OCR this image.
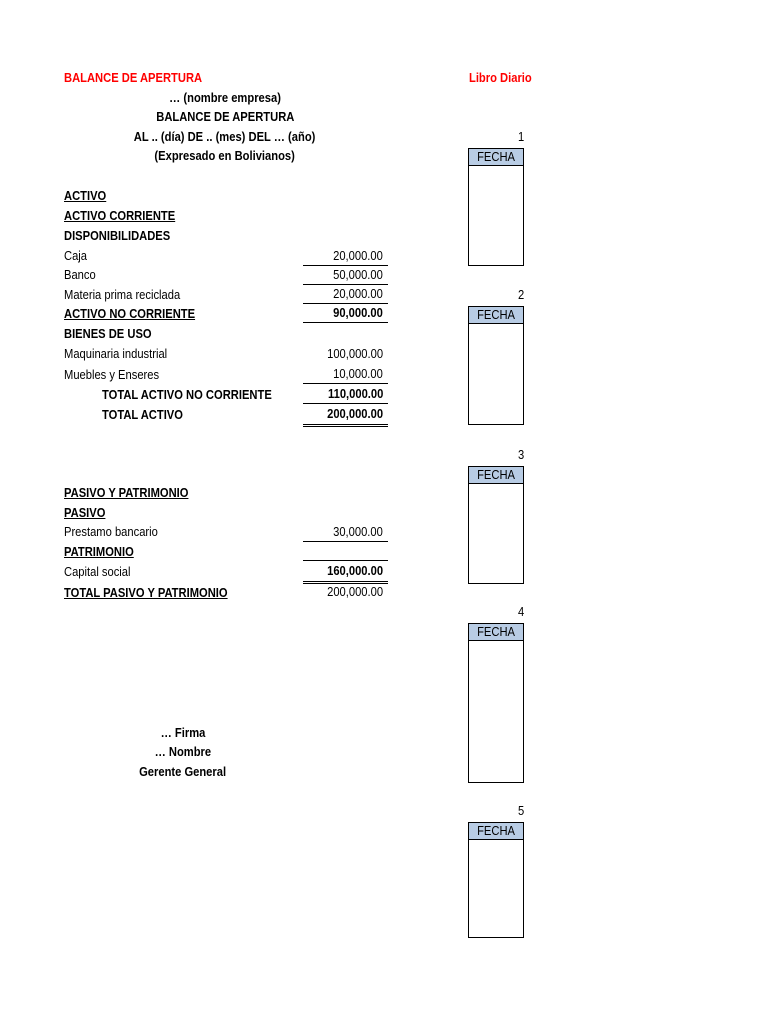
BALANCE DE APERTURA
… (nombre empresa)
BALANCE DE APERTURA
AL .. (día) DE .. (mes) DEL … (año)
(Expresado en Bolivianos)
ACTIVO
ACTIVO CORRIENTE
DISPONIBILIDADES
Caja	20,000.00
Banco	50,000.00
Materia prima reciclada	20,000.00
ACTIVO NO CORRIENTE	90,000.00
BIENES DE USO
Maquinaria industrial	100,000.00
Muebles y Enseres	10,000.00
TOTAL ACTIVO NO CORRIENTE	110,000.00
TOTAL ACTIVO	200,000.00
PASIVO Y PATRIMONIO
PASIVO
Prestamo bancario	30,000.00
PATRIMONIO
Capital social	160,000.00
TOTAL PASIVO Y PATRIMONIO	200,000.00
… Firma
… Nombre
Gerente General
Libro Diario
1
FECHA
2
FECHA
3
FECHA
4
FECHA
5
FECHA
